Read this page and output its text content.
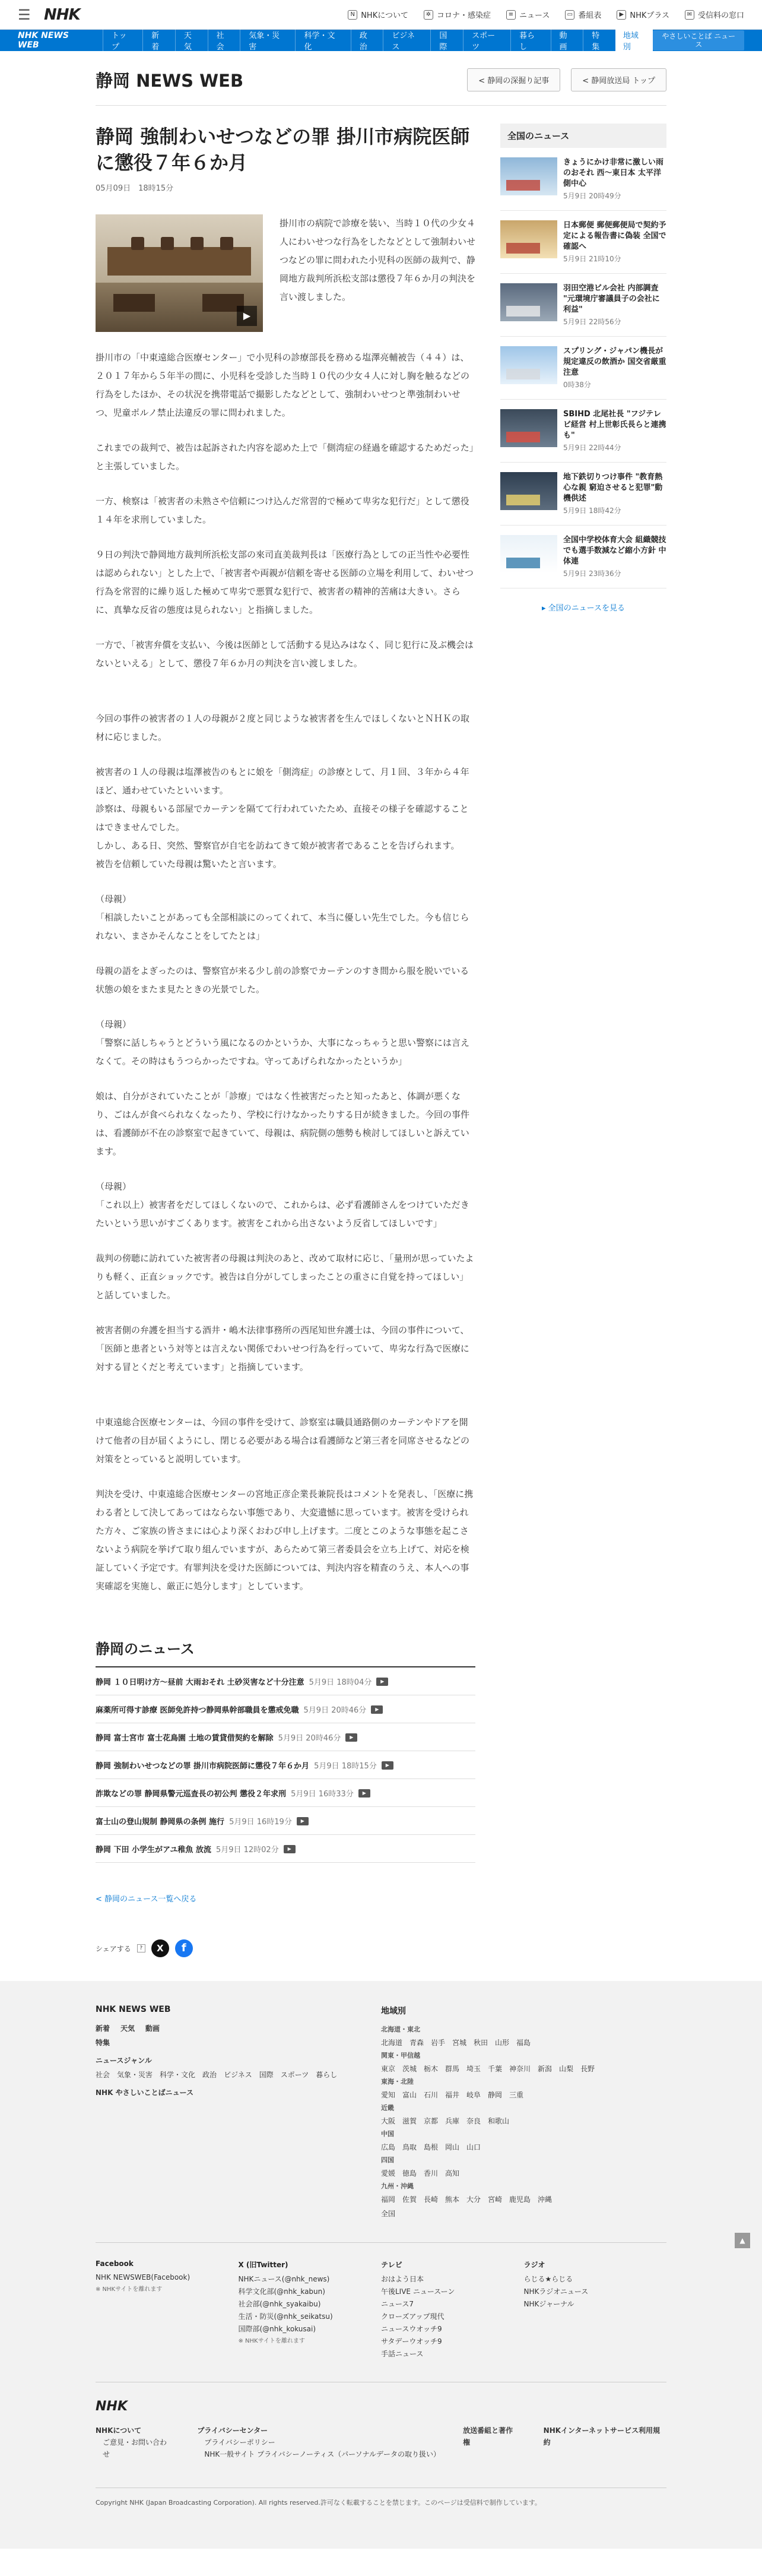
☰ NHK	N NHKについて	✲ コロナ・感染症	≡ ニュース	▭ 番組表	▶ NHKプラス	✉ 受信料の窓口
NHK NEWS WEB
トップ
新着
天気
社会
気象・災害
科学・文化
政治
ビジネス
国際
スポーツ
暮らし
動画
特集
地域別
やさしいことば ニュース
静岡 NEWS WEB	< 静岡の深掘り記事	< 静岡放送局 トップ
静岡 強制わいせつなどの罪 掛川市病院医師に懲役７年６か月
05月09日　18時15分
▶

掛川市の病院で診療を装い、当時１０代の少女４人にわいせつな行為をしたなどとして強制わいせつなどの罪に問われた小児科の医師の裁判で、静岡地方裁判所浜松支部は懲役７年６か月の判決を言い渡しました。

掛川市の「中東遠総合医療センター」で小児科の診療部長を務める塩澤亮輔被告（４４）は、２０１７年から５年半の間に、小児科を受診した当時１０代の少女４人に対し胸を触るなどの行為をしたほか、その状況を携帯電話で撮影したなどとして、強制わいせつと準強制わいせつ、児童ポルノ禁止法違反の罪に問われました。

これまでの裁判で、被告は起訴された内容を認めた上で「側湾症の経過を確認するためだった」と主張していました。

一方、検察は「被害者の未熟さや信頼につけ込んだ常習的で極めて卑劣な犯行だ」として懲役１４年を求刑していました。

９日の判決で静岡地方裁判所浜松支部の來司直美裁判長は「医療行為としての正当性や必要性は認められない」とした上で、「被害者や両親が信頼を寄せる医師の立場を利用して、わいせつ行為を常習的に繰り返した極めて卑劣で悪質な犯行で、被害者の精神的苦痛は大きい。さらに、真摯な反省の態度は見られない」と指摘しました。

一方で、「被害弁償を支払い、今後は医師として活動する見込みはなく、同じ犯行に及ぶ機会はないといえる」として、懲役７年６か月の判決を言い渡しました。

今回の事件の被害者の１人の母親が２度と同じような被害者を生んでほしくないとＮＨＫの取材に応じました。

被害者の１人の母親は塩澤被告のもとに娘を「側湾症」の診療として、月１回、３年から４年ほど、通わせていたといいます。

診察は、母親もいる部屋でカーテンを隔てて行われていたため、直接その様子を確認することはできませんでした。

しかし、ある日、突然、警察官が自宅を訪ねてきて娘が被害者であることを告げられます。

被告を信頼していた母親は驚いたと言います。

（母親）

「相談したいことがあっても全部相談にのってくれて、本当に優しい先生でした。今も信じられない、まさかそんなことをしてたとは」

母親の語をよぎったのは、警察官が来る少し前の診察でカーテンのすき間から服を脱いでいる状態の娘をまたま見たときの光景でした。

（母親）

「警察に話しちゃうとどういう風になるのかというか、大事になっちゃうと思い警察には言えなくて。その時はもうつらかったですね。守ってあげられなかったというか」

娘は、自分がされていたことが「診療」ではなく性被害だったと知ったあと、体調が悪くなり、ごはんが食べられなくなったり、学校に行けなかったりする日が続きました。今回の事件は、看護師が不在の診察室で起きていて、母親は、病院側の態勢も検討してほしいと訴えています。

（母親）

「これ以上）被害者をだしてほしくないので、これからは、必ず看護師さんをつけていただきたいという思いがすごくあります。被害をこれから出さないよう反省してほしいです」

裁判の傍聴に訪れていた被害者の母親は判決のあと、改めて取材に応じ、「量刑が思っていたよりも軽く、正直ショックです。被告は自分がしてしまったことの重さに自覚を持ってほしい」と話していました。

被害者側の弁護を担当する酒井・嶋木法律事務所の西尾知世弁護士は、今回の事件について、「医師と患者という対等とは言えない関係でわいせつ行為を行っていて、卑劣な行為で医療に対する冒とくだと考えています」と指摘しています。

中東遠総合医療センターは、今回の事件を受けて、診察室は職員通路側のカーテンやドアを開けて他者の目が届くようにし、閉じる必要がある場合は看護師など第三者を同席させるなどの対策をとっていると説明しています。

判決を受け、中東遠総合医療センターの宮地正彦企業長兼院長はコメントを発表し、「医療に携わる者として決してあってはならない事態であり、大変遺憾に思っています。被害を受けられた方々、ご家族の皆さまには心より深くおわび申し上げます。二度とこのような事態を起こさないよう病院を挙げて取り組んでいますが、あらためて第三者委員会を立ち上げて、対応を検証していく予定です。有罪判決を受けた医師については、判決内容を精査のうえ、本人への事実確認を実施し、厳正に処分します」としています。

静岡のニュース
静岡 １０日明け方〜昼前 大雨おそれ 土砂災害など十分注意 5月9日 18時04分	▶
麻薬所可得す診療 医師免許持つ静岡県幹部職員を懲戒免職 5月9日 20時46分	▶
静岡 富士宮市 富士花鳥園 土地の賃貸借契約を解除 5月9日 20時46分	▶
静岡 強制わいせつなどの罪 掛川市病院医師に懲役７年６か月 5月9日 18時15分	▶
詐欺などの罪 静岡県警元巡査長の初公判 懲役２年求刑 5月9日 16時33分	▶
富士山の登山規制 静岡県の条例 施行 5月9日 16時19分	▶
静岡 下田 小学生がアユ稚魚 放流 5月9日 12時02分	▶
< 静岡のニュース一覧へ戻る
シェアする	?	X	f
全国のニュース
きょうにかけ非常に激しい雨のおそれ 西〜東日本 太平洋側中心
5月9日 20時49分
日本郵便 郵便郵便局で契約予定による報告書に偽装 全国で確認へ
5月9日 21時10分
羽田空港ビル会社 内部調査 "元環境庁審議員子の会社に利益"
5月9日 22時56分
スプリング・ジャパン機長が規定違反の飲酒か 国交省厳重注意
0時38分
SBIHD 北尾社長 "フジテレビ経営 村上世彰氏長らと連携も"
5月9日 22時44分
地下鉄切りつけ事件 "教育熱心な親 窮迫させると犯罪"動機供述
5月9日 18時42分
全国中学校体育大会 組織競技でも選手数減など縮小方針 中体連
5月9日 23時36分
▸ 全国のニュースを見る
NHK NEWS WEB
新着 天気 動画
特集
ニュースジャンル
社会 気象・災害 科学・文化 政治 ビジネス 国際 スポーツ 暮らし
NHK やさしいことばニュース
地域別
北海道・東北
北海道　青森　岩手　宮城　秋田　山形　福島
関東・甲信越
東京　茨城　栃木　群馬　埼玉　千葉　神奈川　新潟　山梨　長野
東海・北陸
愛知　富山　石川　福井　岐阜　静岡　三重
近畿
大阪　滋賀　京都　兵庫　奈良　和歌山
中国
広島　鳥取　島根　岡山　山口
四国
愛媛　徳島　香川　高知
九州・沖縄
福岡　佐賀　長崎　熊本　大分　宮崎　鹿児島　沖縄
全国
Facebook
NHK NEWSWEB(Facebook)
※ NHKサイトを離れます
X (旧Twitter)
NHKニュース(@nhk_news)
科学文化部(@nhk_kabun)
社会部(@nhk_syakaibu)
生活・防災(@nhk_seikatsu)
国際部(@nhk_kokusai)
※ NHKサイトを離れます
テレビ
おはよう日本
午後LIVE ニュースーン
ニュース7
クローズアップ現代
ニュースウオッチ9
サタデーウオッチ9
手話ニュース
ラジオ
らじる★らじる
NHKラジオニュース
NHKジャーナル
NHK
NHKについて
ご意見・お問い合わせ
プライバシーセンター
プライバシーポリシー
NHK一般サイト プライバシーノーティス（パーソナルデータの取り扱い）
放送番組と著作権
NHKインターネットサービス利用規約
Copyright NHK (Japan Broadcasting Corporation). All rights reserved.許可なく転載することを禁じます。このページは受信料で制作しています。
▲
